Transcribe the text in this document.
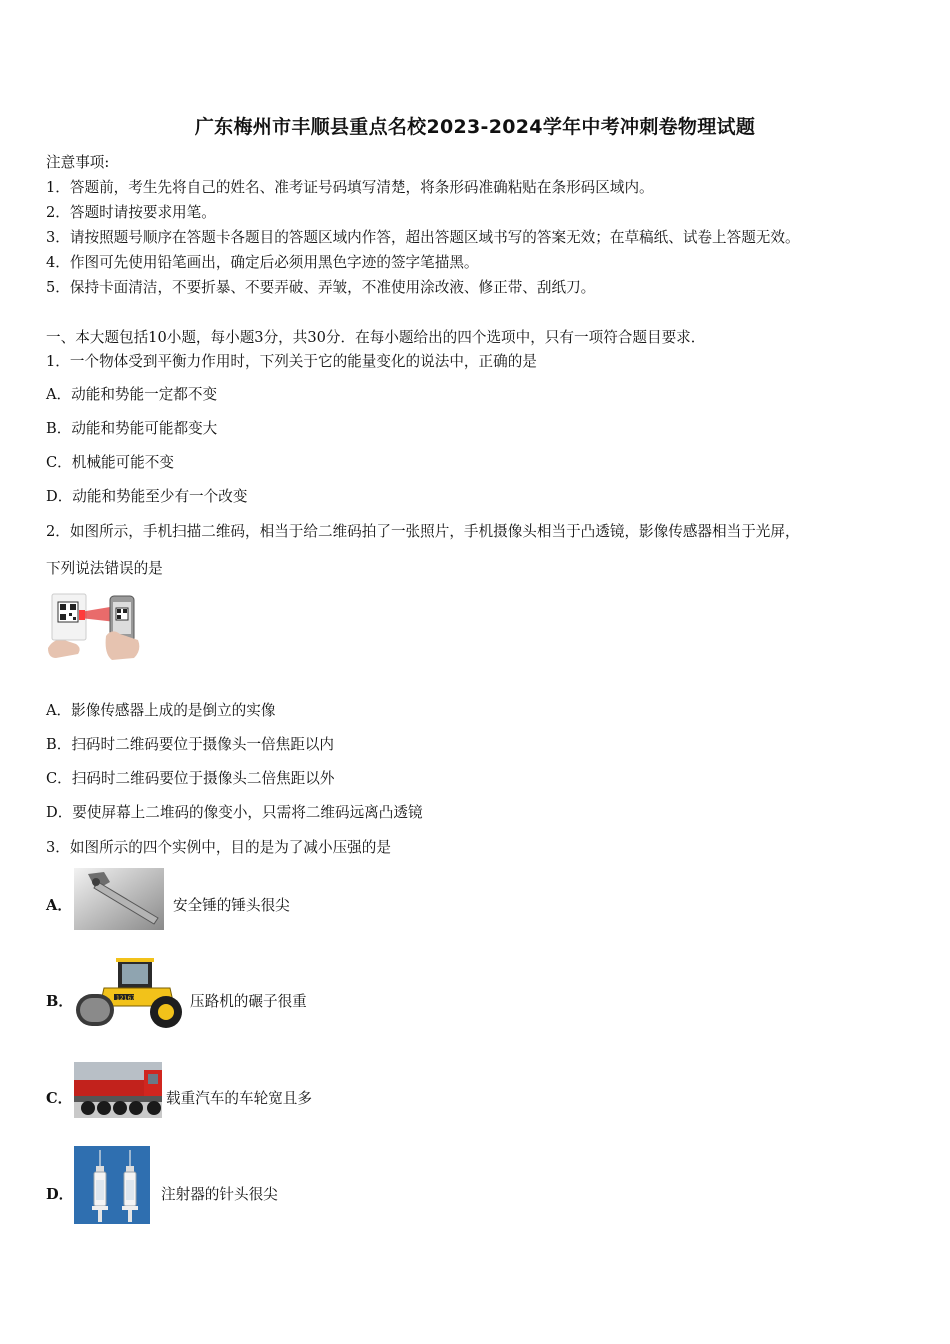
广东梅州市丰顺县重点名校2023-2024学年中考冲刺卷物理试题
注意事项:
1．答题前，考生先将自己的姓名、准考证号码填写清楚，将条形码准确粘贴在条形码区域内。
2．答题时请按要求用笔。
3．请按照题号顺序在答题卡各题目的答题区域内作答，超出答题区域书写的答案无效；在草稿纸、试卷上答题无效。
4．作图可先使用铅笔画出，确定后必须用黑色字迹的签字笔描黑。
5．保持卡面清洁，不要折暴、不要弄破、弄皱，不准使用涂改液、修正带、刮纸刀。
一、本大题包括10小题，每小题3分，共30分．在每小题给出的四个选项中，只有一项符合题目要求．
1．一个物体受到平衡力作用时，下列关于它的能量变化的说法中，正确的是
A．动能和势能一定都不变
B．动能和势能可能都变大
C．机械能可能不变
D．动能和势能至少有一个改变
2．如图所示，手机扫描二维码，相当于给二维码拍了一张照片，手机摄像头相当于凸透镜，影像传感器相当于光屏，
下列说法错误的是
A．影像传感器上成的是倒立的实像
B．扫码时二维码要位于摄像头一倍焦距以内
C．扫码时二维码要位于摄像头二倍焦距以外
D．要使屏幕上二堆码的像变小，只需将二维码远离凸透镜
3．如图所示的四个实例中，目的是为了减小压强的是
A．	安全锤的锤头很尖
B．	12167	压路机的碾子很重
C．	载重汽车的车轮宽且多
D．	注射器的针头很尖
